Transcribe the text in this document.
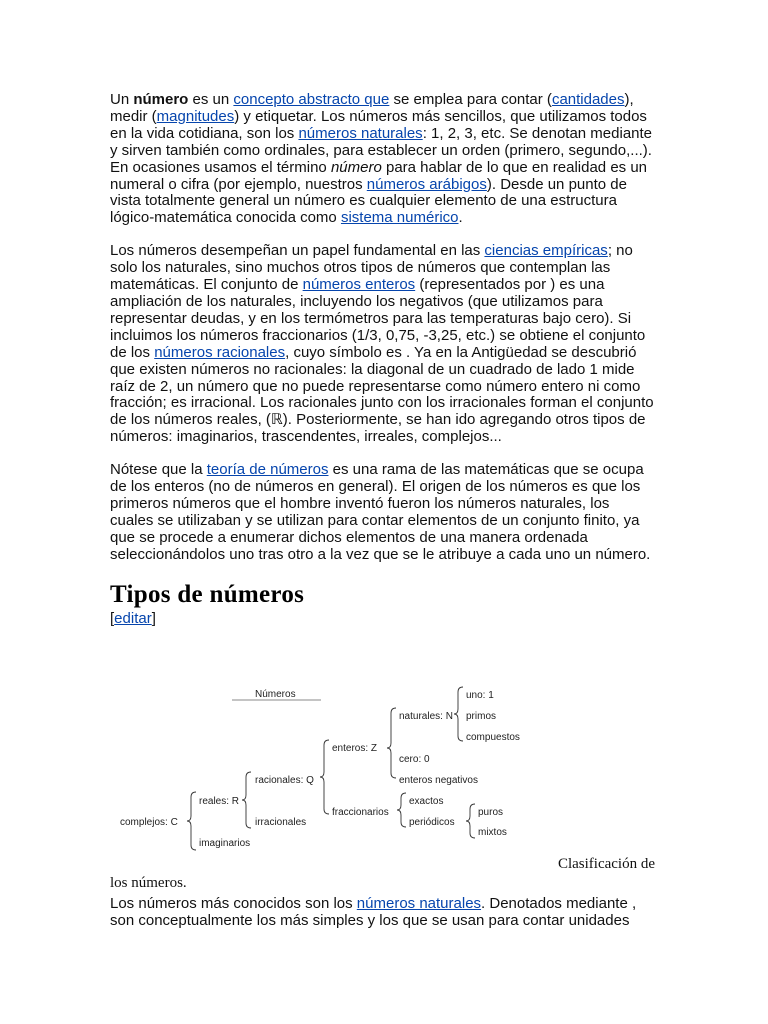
Un número es un concepto abstracto que se emplea para contar (cantidades), medir (magnitudes) y etiquetar. Los números más sencillos, que utilizamos todos en la vida cotidiana, son los números naturales: 1, 2, 3, etc. Se denotan mediante y sirven también como ordinales, para establecer un orden (primero, segundo,...). En ocasiones usamos el término número para hablar de lo que en realidad es un numeral o cifra (por ejemplo, nuestros números arábigos). Desde un punto de vista totalmente general un número es cualquier elemento de una estructura lógico-matemática conocida como sistema numérico.

Los números desempeñan un papel fundamental en las ciencias empíricas; no solo los naturales, sino muchos otros tipos de números que contemplan las matemáticas. El conjunto de números enteros (representados por ) es una ampliación de los naturales, incluyendo los negativos (que utilizamos para representar deudas, y en los termómetros para las temperaturas bajo cero). Si incluimos los números fraccionarios (1/3, 0,75, -3,25, etc.) se obtiene el conjunto de los números racionales, cuyo símbolo es . Ya en la Antigüedad se descubrió que existen números no racionales: la diagonal de un cuadrado de lado 1 mide raíz de 2, un número que no puede representarse como número entero ni como fracción; es irracional. Los racionales junto con los irracionales forman el conjunto de los números reales, (ℝ). Posteriormente, se han ido agregando otros tipos de números: imaginarios, trascendentes, irreales, complejos...

Nótese que la teoría de números es una rama de las matemáticas que se ocupa de los enteros (no de números en general). El origen de los números es que los primeros números que el hombre inventó fueron los números naturales, los cuales se utilizaban y se utilizan para contar elementos de un conjunto finito, ya que se procede a enumerar dichos elementos de una manera ordenada seleccionándolos uno tras otro a la vez que se le atribuye a cada uno un número.

Tipos de números
[editar]
Números
complejos: C
reales: R
imaginarios
racionales: Q
irracionales
enteros: Z
fraccionarios
naturales: N
cero: 0
enteros negativos
uno: 1
primos
compuestos
exactos
periódicos
puros
mixtos
Clasificación de
los números.
Los números más conocidos son los números naturales. Denotados mediante , son conceptualmente los más simples y los que se usan para contar unidades
